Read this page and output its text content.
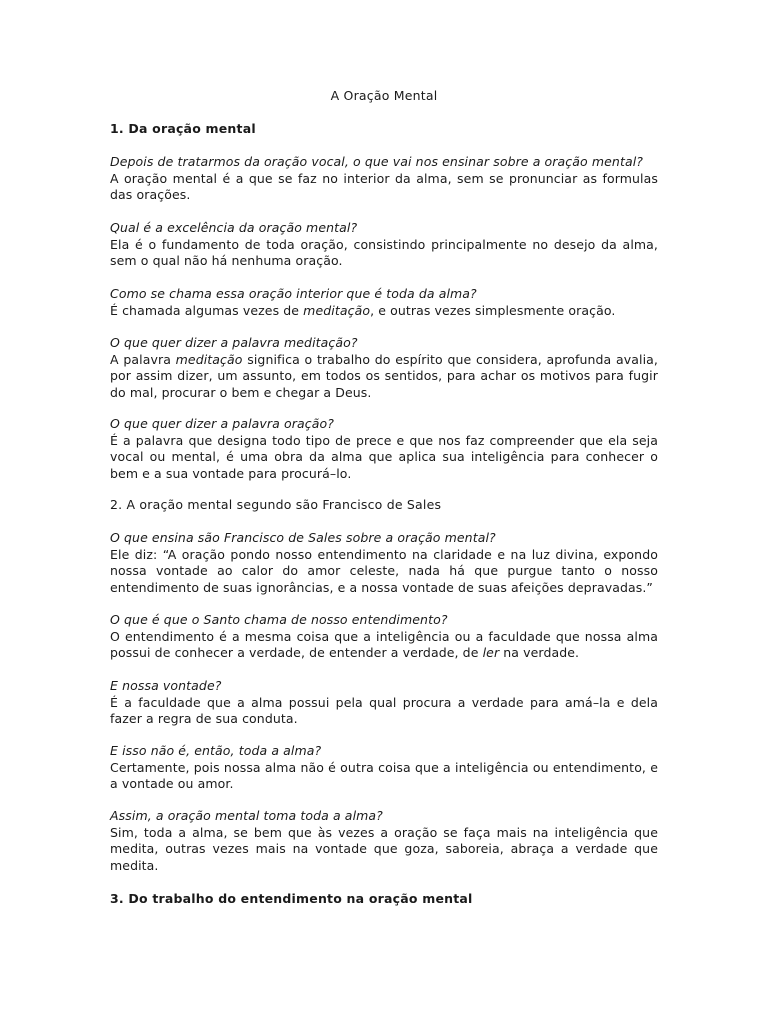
A Oração Mental
1. Da oração mental
Depois de tratarmos da oração vocal, o que vai nos ensinar sobre a oração mental?
A oração mental é a que se faz no interior da alma, sem se pronunciar as formulas das orações.
Qual é a excelência da oração mental?
Ela é o fundamento de toda oração, consistindo principalmente no desejo da alma, sem o qual não há nenhuma oração.
Como se chama essa oração interior que é toda da alma?
É chamada algumas vezes de meditação, e outras vezes simplesmente oração.
O que quer dizer a palavra meditação?
A palavra meditação significa o trabalho do espírito que considera, aprofunda avalia, por assim dizer, um assunto, em todos os sentidos, para achar os motivos para fugir do mal, procurar o bem e chegar a Deus.
O que quer dizer a palavra oração?
É a palavra que designa todo tipo de prece e que nos faz compreender que ela seja vocal ou mental, é uma obra da alma que aplica sua inteligência para conhecer o bem e a sua vontade para procurá–lo.
2. A oração mental segundo são Francisco de Sales
O que ensina são Francisco de Sales sobre a oração mental?
Ele diz: “A oração pondo nosso entendimento na claridade e na luz divina, expondo nossa vontade ao calor do amor celeste, nada há que purgue tanto o nosso entendimento de suas ignorâncias, e a nossa vontade de suas afeições depravadas.”
O que é que o Santo chama de nosso entendimento?
O entendimento é a mesma coisa que a inteligência ou a faculdade que nossa alma possui de conhecer a verdade, de entender a verdade, de ler na verdade.
E nossa vontade?
É a faculdade que a alma possui pela qual procura a verdade para amá–la e dela fazer a regra de sua conduta.
E isso não é, então, toda a alma?
Certamente, pois nossa alma não é outra coisa que a inteligência ou entendimento, e a vontade ou amor.
Assim, a oração mental toma toda a alma?
Sim, toda a alma, se bem que às vezes a oração se faça mais na inteligência que medita, outras vezes mais na vontade que goza, saboreia, abraça a verdade que medita.
3. Do trabalho do entendimento na oração mental
